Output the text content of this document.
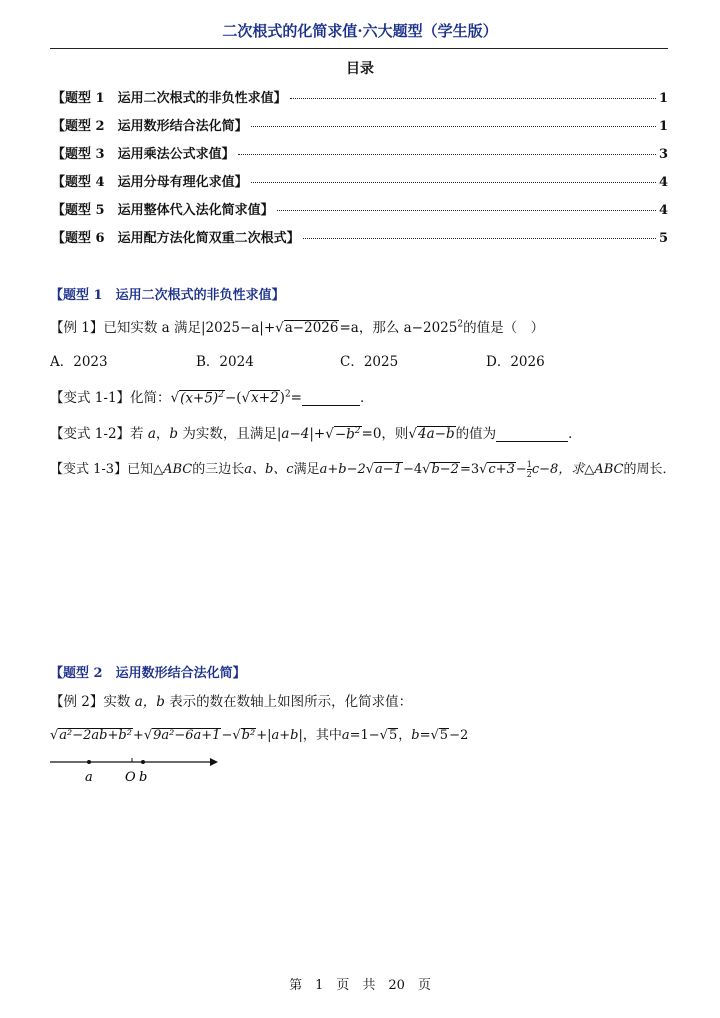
二次根式的化简求值·六大题型（学生版）
目录
【题型 1　运用二次根式的非负性求值】	1
【题型 2　运用数形结合法化简】	1
【题型 3　运用乘法公式求值】	3
【题型 4　运用分母有理化求值】	4
【题型 5　运用整体代入法化简求值】	4
【题型 6　运用配方法化简双重二次根式】	5
【题型 1　运用二次根式的非负性求值】
【例 1】已知实数 a 满足|2025−a|+√a−2026=a，那么 $a-2025^2$的值是（　）
A．2023	B．2024	C．2025	D．2026
【变式 1-1】化简：$√(x+5)^2-(√x+2)^2=$	．
【变式 1-2】若 a，b 为实数，且满足$|a-4|+√-b^2=0$，则√4a−b的值为	．
【变式 1-3】已知△ABC的三边长a、b、c满足$a+b-2√a-1-4√b-2=3√c+3- \frac{1}{2} c-8$，求△ABC的周长．
【题型 2　运用数形结合法化简】
【例 2】实数 a，b 表示的数在数轴上如图所示，化简求值：
√a²−2ab+b²+√9a²−6a+1−√b²+|a+b|，其中a=1−√5，b=√5−2
a O b
第　1　页　共　20　页
